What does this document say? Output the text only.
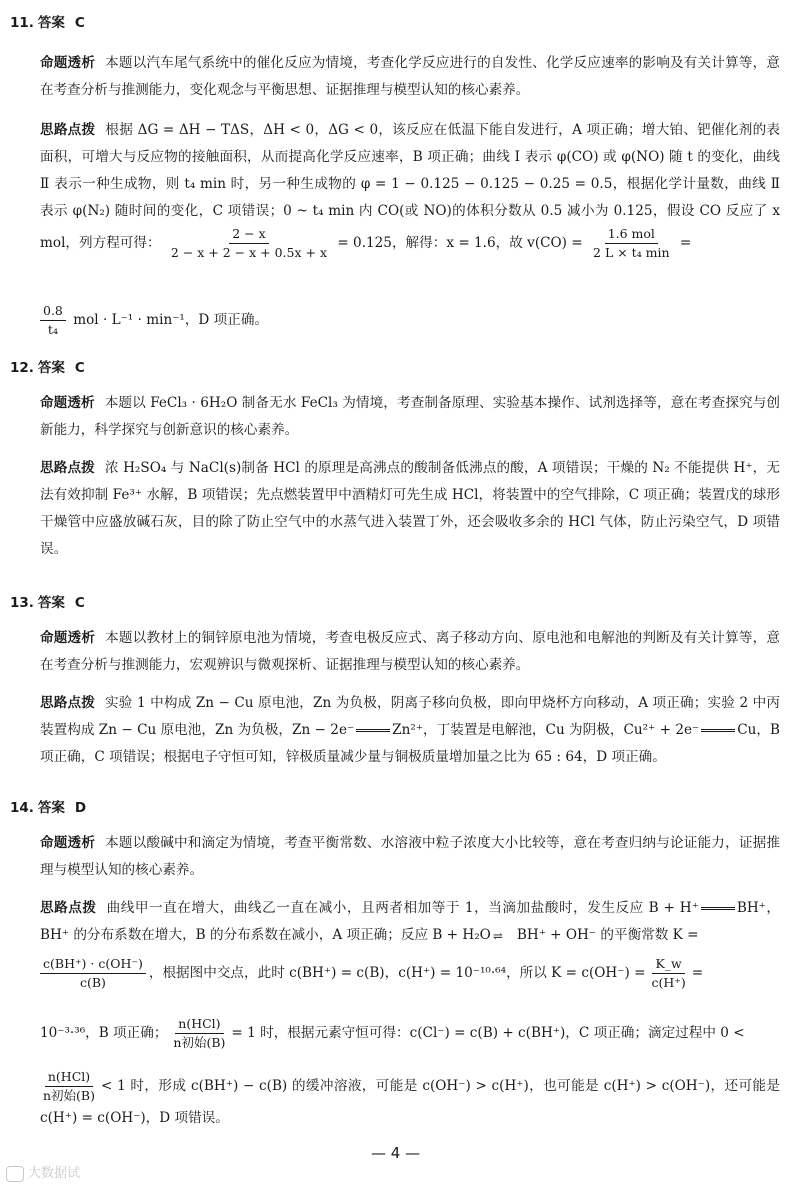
11. 答案 C
命题透析 本题以汽车尾气系统中的催化反应为情境，考查化学反应进行的自发性、化学反应速率的影响及有关计算等，意在考查分析与推测能力，变化观念与平衡思想、证据推理与模型认知的核心素养。
思路点拨 根据 ΔG = ΔH − TΔS，ΔH < 0，ΔG < 0，该反应在低温下能自发进行，A 项正确；增大铂、钯催化剂的表面积，可增大与反应物的接触面积，从而提高化学反应速率，B 项正确；曲线 Ⅰ 表示 φ(CO) 或 φ(NO) 随 t 的变化，曲线 Ⅱ 表示一种生成物，则 t₄ min 时，另一种生成物的 φ = 1 − 0.125 − 0.125 − 0.25 = 0.5，根据化学计量数，曲线 Ⅱ 表示 φ(N₂) 随时间的变化，C 项错误；0 ~ t₄ min 内 CO(或 NO)的体积分数从 0.5 减小为 0.125，假设 CO 反应了 x mol，列方程可得： $\frac{2 - x}{2 - x + 2 - x + 0.5x + x} = 0.125$，解得：x = 1.6，故 $v(CO) = \frac{\text{1.6 mol}}{\text{2 L × t₄ min}}$ =
$\frac{0.8}{\text{t₄}}$ mol · L⁻¹ · min⁻¹，D 项正确。
12. 答案 C
命题透析 本题以 FeCl₃ · 6H₂O 制备无水 FeCl₃ 为情境，考查制备原理、实验基本操作、试剂选择等，意在考查探究与创新能力，科学探究与创新意识的核心素养。
思路点拨 浓 H₂SO₄ 与 NaCl(s)制备 HCl 的原理是高沸点的酸制备低沸点的酸，A 项错误；干燥的 N₂ 不能提供 H⁺，无法有效抑制 Fe³⁺ 水解，B 项错误；先点燃装置甲中酒精灯可先生成 HCl，将装置中的空气排除，C 项正确；装置戊的球形干燥管中应盛放碱石灰，目的除了防止空气中的水蒸气进入装置丁外，还会吸收多余的 HCl 气体，防止污染空气，D 项错误。
13. 答案 C
命题透析 本题以教材上的铜锌原电池为情境，考查电极反应式、离子移动方向、原电池和电解池的判断及有关计算等，意在考查分析与推测能力，宏观辨识与微观探析、证据推理与模型认知的核心素养。
思路点拨 实验 1 中构成 Zn − Cu 原电池，Zn 为负极，阴离子移向负极，即向甲烧杯方向移动，A 项正确；实验 2 中丙装置构成 Zn − Cu 原电池，Zn 为负极，Zn − 2e⁻	Zn²⁺，丁装置是电解池，Cu 为阴极，Cu²⁺ + 2e⁻	Cu，B 项正确，C 项错误；根据电子守恒可知，锌极质量减少量与铜极质量增加量之比为 65 : 64，D 项正确。
14. 答案 D
命题透析 本题以酸碱中和滴定为情境，考查平衡常数、水溶液中粒子浓度大小比较等，意在考查归纳与论证能力，证据推理与模型认知的核心素养。
思路点拨 曲线甲一直在增大，曲线乙一直在减小，且两者相加等于 1，当滴加盐酸时，发生反应 B + H⁺	BH⁺，BH⁺ 的分布系数在增大，B 的分布系数在减小，A 项正确；反应 B + H₂O ⇌ BH⁺ + OH⁻ 的平衡常数 K =
$\frac{c(BH^+) \cdot c(OH^-)}{c(B)}$ ，根据图中交点，此时 c(BH⁺) = c(B)，c(H⁺) = 10⁻¹⁰·⁶⁴，所以 $K = c(OH^-) = \frac{K\_w}{c(H^+)}$ =
10⁻³·³⁶，B 项正确； $\frac{\text{n(HCl)}}{\text{n初始(B)}} = 1$ 时，根据元素守恒可得：c(Cl⁻) = c(B) + c(BH⁺)，C 项正确；滴定过程中 0 <
$\frac{\text{n(HCl)}}{\text{n初始(B)}} < 1$ 时，形成 c(BH⁺) − c(B) 的缓冲溶液，可能是 c(OH⁻) > c(H⁺)，也可能是 c(H⁺) > c(OH⁻)，还可能是 c(H⁺) = c(OH⁻)，D 项错误。
— 4 —
大数据试
